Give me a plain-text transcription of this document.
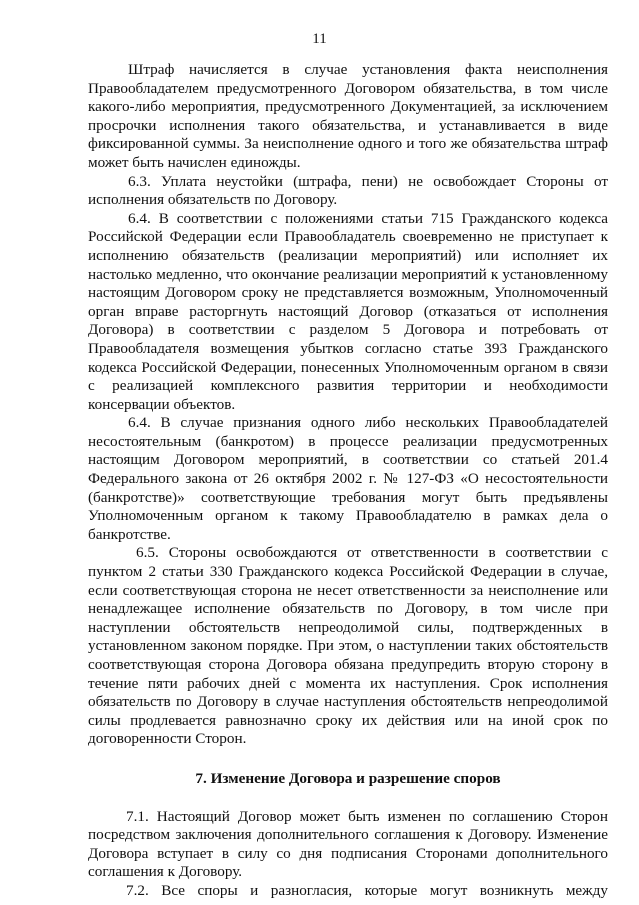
11

Штраф начисляется в случае установления факта неисполнения Правообладателем предусмотренного Договором обязательства, в том числе какого-либо мероприятия, предусмотренного Документацией, за исключением просрочки исполнения такого обязательства, и устанавливается в виде фиксированной суммы. За неисполнение одного и того же обязательства штраф может быть начислен единожды.

6.3. Уплата неустойки (штрафа, пени) не освобождает Стороны от исполнения обязательств по Договору.

6.4. В соответствии с положениями статьи 715 Гражданского кодекса Российской Федерации если Правообладатель своевременно не приступает к исполнению обязательств (реализации мероприятий) или исполняет их настолько медленно, что окончание реализации мероприятий к установленному настоящим Договором сроку не представляется возможным, Уполномоченный орган вправе расторгнуть настоящий Договор (отказаться от исполнения Договора) в соответствии с разделом 5 Договора и потребовать от Правообладателя возмещения убытков согласно статье 393 Гражданского кодекса Российской Федерации, понесенных Уполномоченным органом в связи с реализацией комплексного развития территории и необходимости консервации объектов.

6.4. В случае признания одного либо нескольких Правообладателей несостоятельным (банкротом) в процессе реализации предусмотренных настоящим Договором мероприятий, в соответствии со статьей 201.4 Федерального закона от 26 октября 2002 г. № 127-ФЗ «О несостоятельности (банкротстве)» соответствующие требования могут быть предъявлены Уполномоченным органом к такому Правообладателю в рамках дела о банкротстве.

6.5. Стороны освобождаются от ответственности в соответствии с пунктом 2 статьи 330 Гражданского кодекса Российской Федерации в случае, если соответствующая сторона не несет ответственности за неисполнение или ненадлежащее исполнение обязательств по Договору, в том числе при наступлении обстоятельств непреодолимой силы, подтвержденных в установленном законом порядке. При этом, о наступлении таких обстоятельств соответствующая сторона Договора обязана предупредить вторую сторону в течение пяти рабочих дней с момента их наступления. Срок исполнения обязательств по Договору в случае наступления обстоятельств непреодолимой силы продлевается равнозначно сроку их действия или на иной срок по договоренности Сторон.

7. Изменение Договора и разрешение споров

7.1. Настоящий Договор может быть изменен по соглашению Сторон посредством заключения дополнительного соглашения к Договору. Изменение Договора вступает в силу со дня подписания Сторонами дополнительного соглашения к Договору.

7.2. Все споры и разногласия, которые могут возникнуть между
